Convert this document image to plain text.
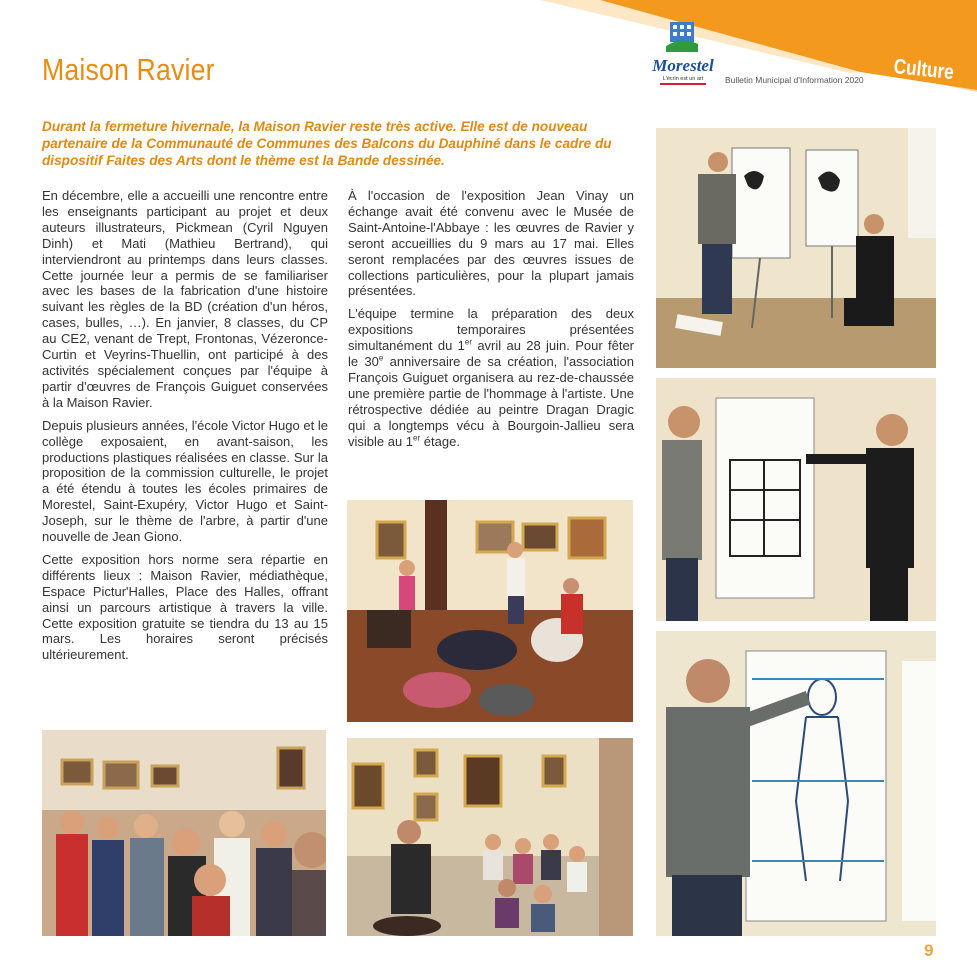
Maison Ravier	Morestel
L'écrin est un art	Bulletin Municipal d'Information 2020 Culture
Durant la fermeture hivernale, la Maison Ravier reste très active. Elle est de nouveau partenaire de la Communauté de Communes des Balcons du Dauphiné dans le cadre du dispositif Faites des Arts dont le thème est la Bande dessinée.

En décembre, elle a accueilli une rencontre entre les enseignants participant au projet et deux auteurs illustrateurs, Pickmean (Cyril Nguyen Dinh) et Mati (Mathieu Bertrand), qui interviendront au printemps dans leurs classes. Cette journée leur a permis de se familiariser avec les bases de la fabrication d'une histoire suivant les règles de la BD (création d'un héros, cases, bulles, …). En janvier, 8 classes, du CP au CE2, venant de Trept, Frontonas, Vézeronce-Curtin et Veyrins-Thuellin, ont participé à des activités spécialement conçues par l'équipe à partir d'œuvres de François Guiguet conservées à la Maison Ravier.

Depuis plusieurs années, l'école Victor Hugo et le collège exposaient, en avant-saison, les productions plastiques réalisées en classe. Sur la proposition de la commission culturelle, le projet a été étendu à toutes les écoles primaires de Morestel, Saint-Exupéry, Victor Hugo et Saint-Joseph, sur le thème de l'arbre, à partir d'une nouvelle de Jean Giono.

Cette exposition hors norme sera répartie en différents lieux : Maison Ravier, médiathèque, Espace Pictur'Halles, Place des Halles, offrant ainsi un parcours artistique à travers la ville. Cette exposition gratuite se tiendra du 13 au 15 mars. Les horaires seront précisés ultérieurement.

À l'occasion de l'exposition Jean Vinay un échange avait été convenu avec le Musée de Saint-Antoine-l'Abbaye : les œuvres de Ravier y seront accueillies du 9 mars au 17 mai. Elles seront remplacées par des œuvres issues de collections particulières, pour la plupart jamais présentées.

L'équipe termine la préparation des deux expositions temporaires présentées simultanément du 1er avril au 28 juin. Pour fêter le 30e anniversaire de sa création, l'association François Guiguet organisera au rez-de-chaussée une première partie de l'hommage à l'artiste. Une rétrospective dédiée au peintre Dragan Dragic qui a longtemps vécu à Bourgoin-Jallieu sera visible au 1er étage.

9
